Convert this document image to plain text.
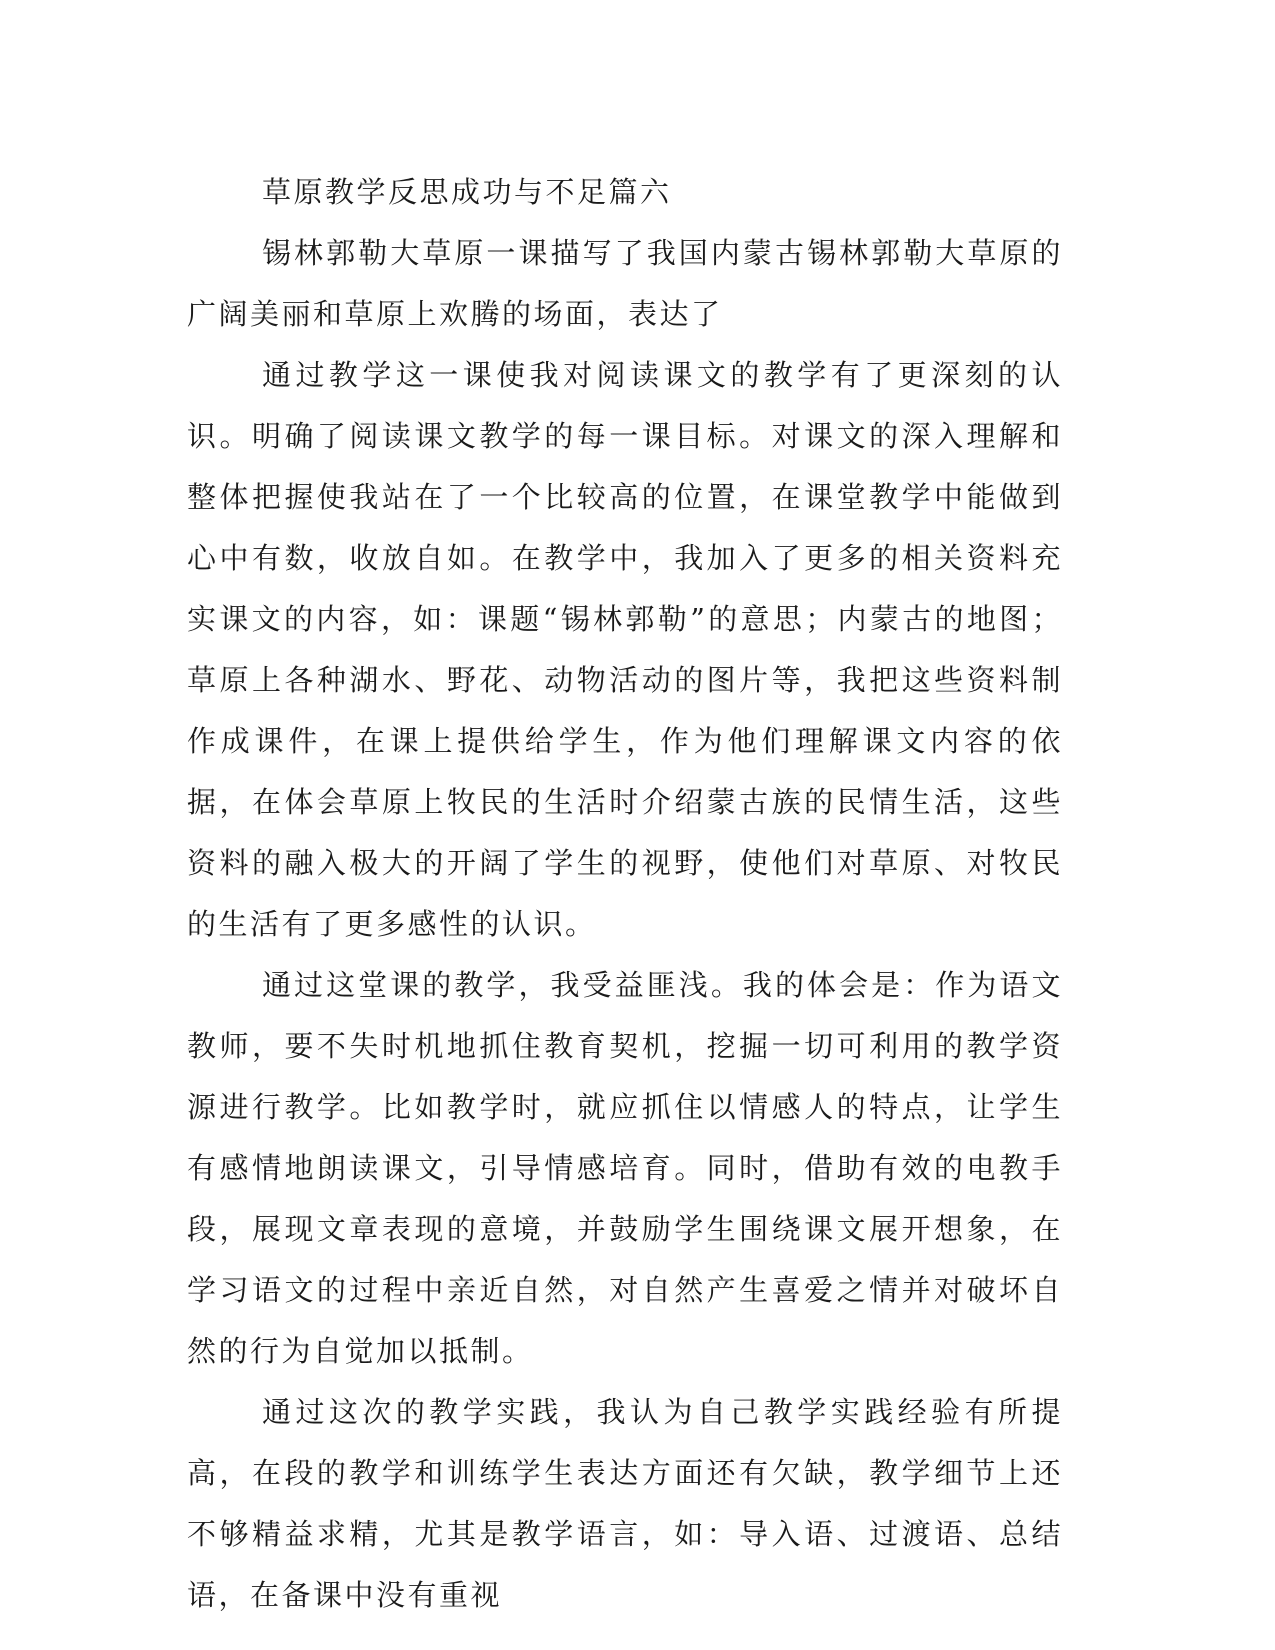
草原教学反思成功与不足篇六

锡林郭勒大草原一课描写了我国内蒙古锡林郭勒大草原的广阔美丽和草原上欢腾的场面，表达了

通过教学这一课使我对阅读课文的教学有了更深刻的认识。明确了阅读课文教学的每一课目标。对课文的深入理解和整体把握使我站在了一个比较高的位置，在课堂教学中能做到心中有数，收放自如。在教学中，我加入了更多的相关资料充实课文的内容，如：课题“锡林郭勒”的意思；内蒙古的地图；草原上各种湖水、野花、动物活动的图片等，我把这些资料制作成课件，在课上提供给学生，作为他们理解课文内容的依据，在体会草原上牧民的生活时介绍蒙古族的民情生活，这些资料的融入极大的开阔了学生的视野，使他们对草原、对牧民的生活有了更多感性的认识。

通过这堂课的教学，我受益匪浅。我的体会是：作为语文教师，要不失时机地抓住教育契机，挖掘一切可利用的教学资源进行教学。比如教学时，就应抓住以情感人的特点，让学生有感情地朗读课文，引导情感培育。同时，借助有效的电教手段，展现文章表现的意境，并鼓励学生围绕课文展开想象，在学习语文的过程中亲近自然，对自然产生喜爱之情并对破坏自然的行为自觉加以抵制。

通过这次的教学实践，我认为自己教学实践经验有所提高，在段的教学和训练学生表达方面还有欠缺，教学细节上还不够精益求精，尤其是教学语言，如：导入语、过渡语、总结语，在备课中没有重视
